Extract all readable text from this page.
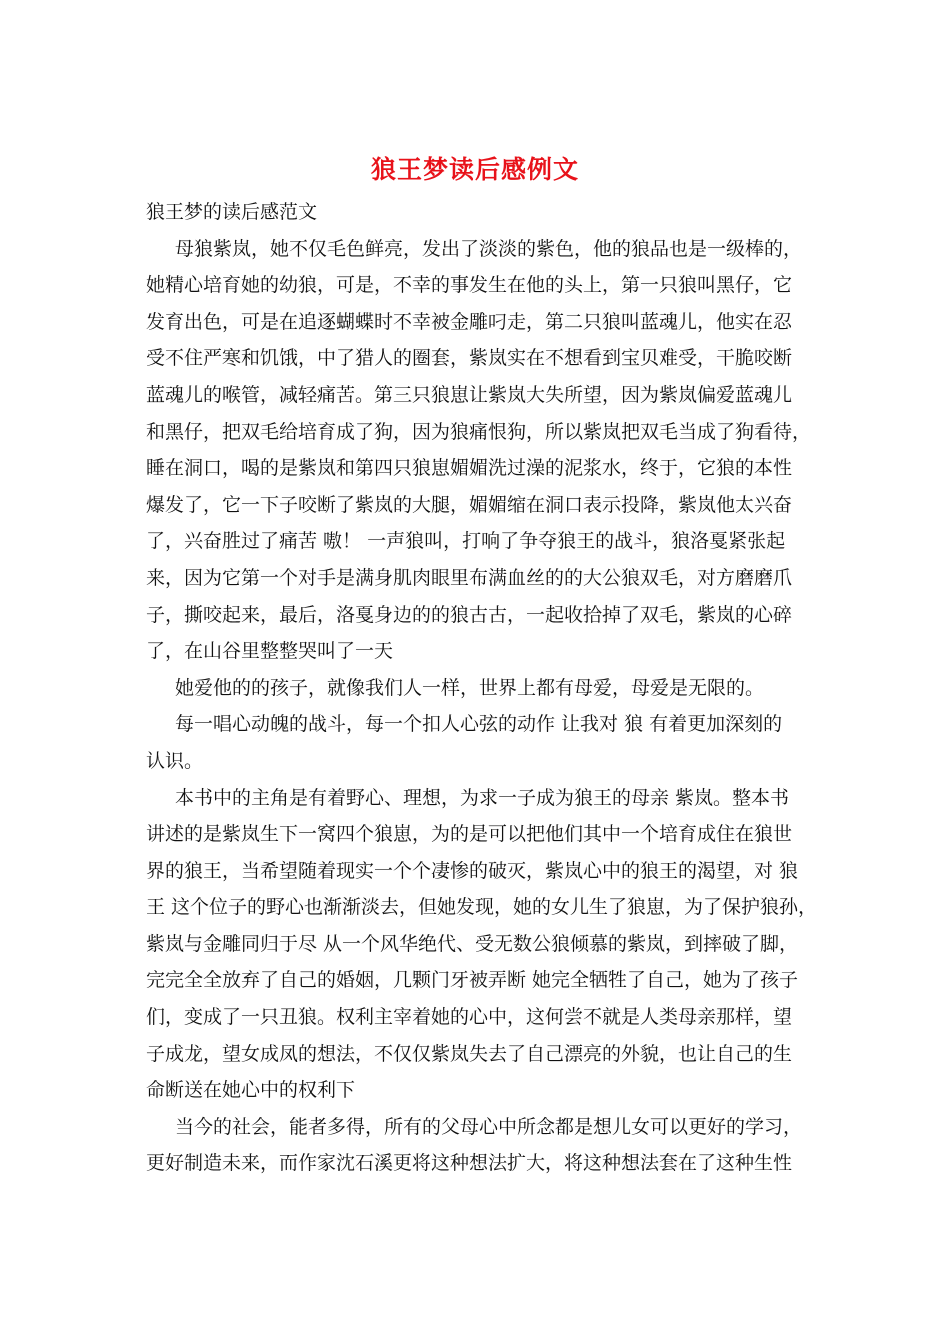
狼王梦读后感例文
狼王梦的读后感范文
母狼紫岚，她不仅毛色鲜亮，发出了淡淡的紫色，他的狼品也是一级棒的，
她精心培育她的幼狼，可是，不幸的事发生在他的头上，第一只狼叫黑仔，它
发育出色，可是在追逐蝴蝶时不幸被金雕叼走，第二只狼叫蓝魂儿，他实在忍
受不住严寒和饥饿，中了猎人的圈套，紫岚实在不想看到宝贝难受，干脆咬断
蓝魂儿的喉管，减轻痛苦。第三只狼崽让紫岚大失所望，因为紫岚偏爱蓝魂儿
和黑仔，把双毛给培育成了狗，因为狼痛恨狗，所以紫岚把双毛当成了狗看待，
睡在洞口，喝的是紫岚和第四只狼崽媚媚洗过澡的泥浆水，终于，它狼的本性
爆发了，它一下子咬断了紫岚的大腿，媚媚缩在洞口表示投降，紫岚他太兴奋
了，兴奋胜过了痛苦 嗷！ 一声狼叫，打响了争夺狼王的战斗，狼洛戛紧张起
来，因为它第一个对手是满身肌肉眼里布满血丝的的大公狼双毛，对方磨磨爪
子，撕咬起来，最后，洛戛身边的的狼古古，一起收拾掉了双毛，紫岚的心碎
了，在山谷里整整哭叫了一天
她爱他的的孩子，就像我们人一样，世界上都有母爱，母爱是无限的。
每一唱心动魄的战斗，每一个扣人心弦的动作 让我对 狼 有着更加深刻的
认识。
本书中的主角是有着野心、理想，为求一子成为狼王的母亲 紫岚。整本书
讲述的是紫岚生下一窝四个狼崽，为的是可以把他们其中一个培育成住在狼世
界的狼王，当希望随着现实一个个凄惨的破灭，紫岚心中的狼王的渴望，对 狼
王 这个位子的野心也渐渐淡去，但她发现，她的女儿生了狼崽，为了保护狼孙，
紫岚与金雕同归于尽 从一个风华绝代、受无数公狼倾慕的紫岚，到摔破了脚，
完完全全放弃了自己的婚姻，几颗门牙被弄断 她完全牺牲了自己，她为了孩子
们，变成了一只丑狼。权利主宰着她的心中，这何尝不就是人类母亲那样，望
子成龙，望女成凤的想法，不仅仅紫岚失去了自己漂亮的外貌，也让自己的生
命断送在她心中的权利下
当今的社会，能者多得，所有的父母心中所念都是想儿女可以更好的学习，
更好制造未来，而作家沈石溪更将这种想法扩大，将这种想法套在了这种生性
